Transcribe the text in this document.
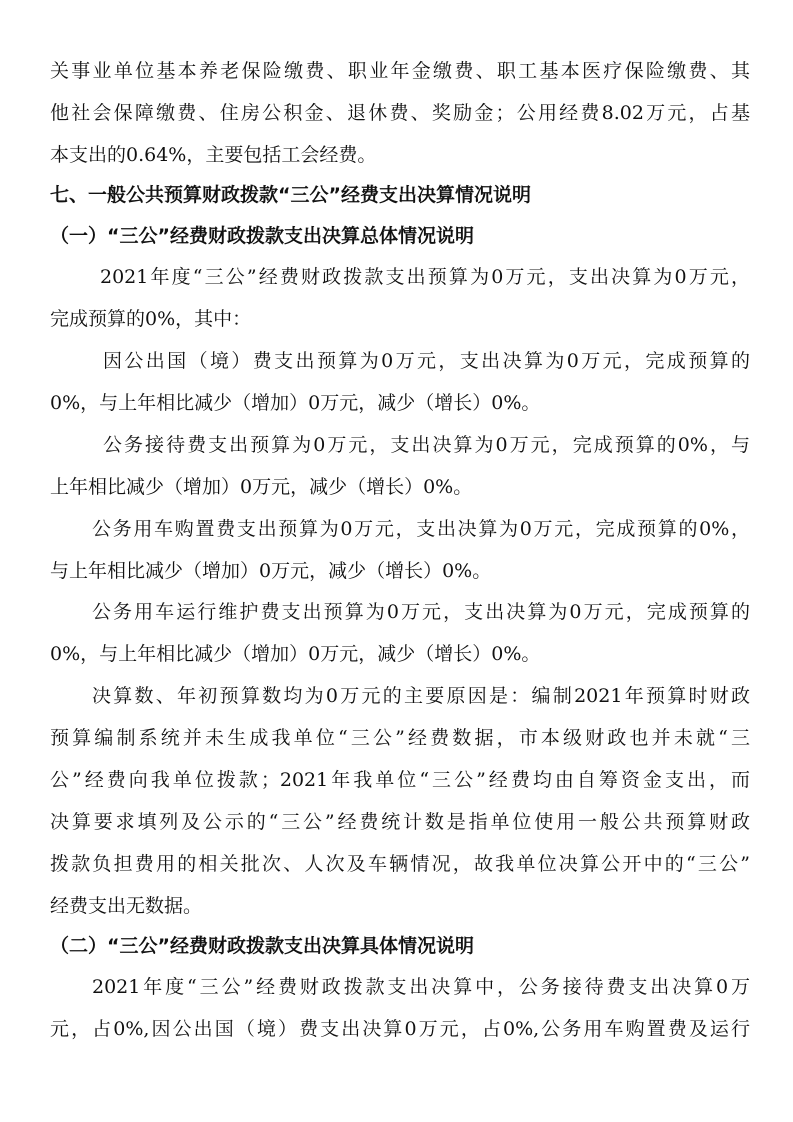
关事业单位基本养老保险缴费、职业年金缴费、职工基本医疗保险缴费、其
他社会保障缴费、住房公积金、退休费、奖励金；公用经费8.02万元，占基
本支出的0.64%，主要包括工会经费。
七、一般公共预算财政拨款“三公”经费支出决算情况说明
（一）“三公”经费财政拨款支出决算总体情况说明
2021年度“三公”经费财政拨款支出预算为0万元，支出决算为0万元，
完成预算的0%，其中：
因公出国（境）费支出预算为0万元，支出决算为0万元，完成预算的
0%，与上年相比减少（增加）0万元，减少（增长）0%。
公务接待费支出预算为0万元，支出决算为0万元，完成预算的0%，与
上年相比减少（增加）0万元，减少（增长）0%。
公务用车购置费支出预算为0万元，支出决算为0万元，完成预算的0%，
与上年相比减少（增加）0万元，减少（增长）0%。
公务用车运行维护费支出预算为0万元，支出决算为0万元，完成预算的
0%，与上年相比减少（增加）0万元，减少（增长）0%。
决算数、年初预算数均为0万元的主要原因是：编制2021年预算时财政
预算编制系统并未生成我单位“三公”经费数据，市本级财政也并未就“三
公”经费向我单位拨款；2021年我单位“三公”经费均由自筹资金支出，而
决算要求填列及公示的“三公”经费统计数是指单位使用一般公共预算财政
拨款负担费用的相关批次、人次及车辆情况，故我单位决算公开中的“三公”
经费支出无数据。
（二）“三公”经费财政拨款支出决算具体情况说明
2021年度“三公”经费财政拨款支出决算中，公务接待费支出决算0万
元，占0%,因公出国（境）费支出决算0万元，占0%,公务用车购置费及运行
